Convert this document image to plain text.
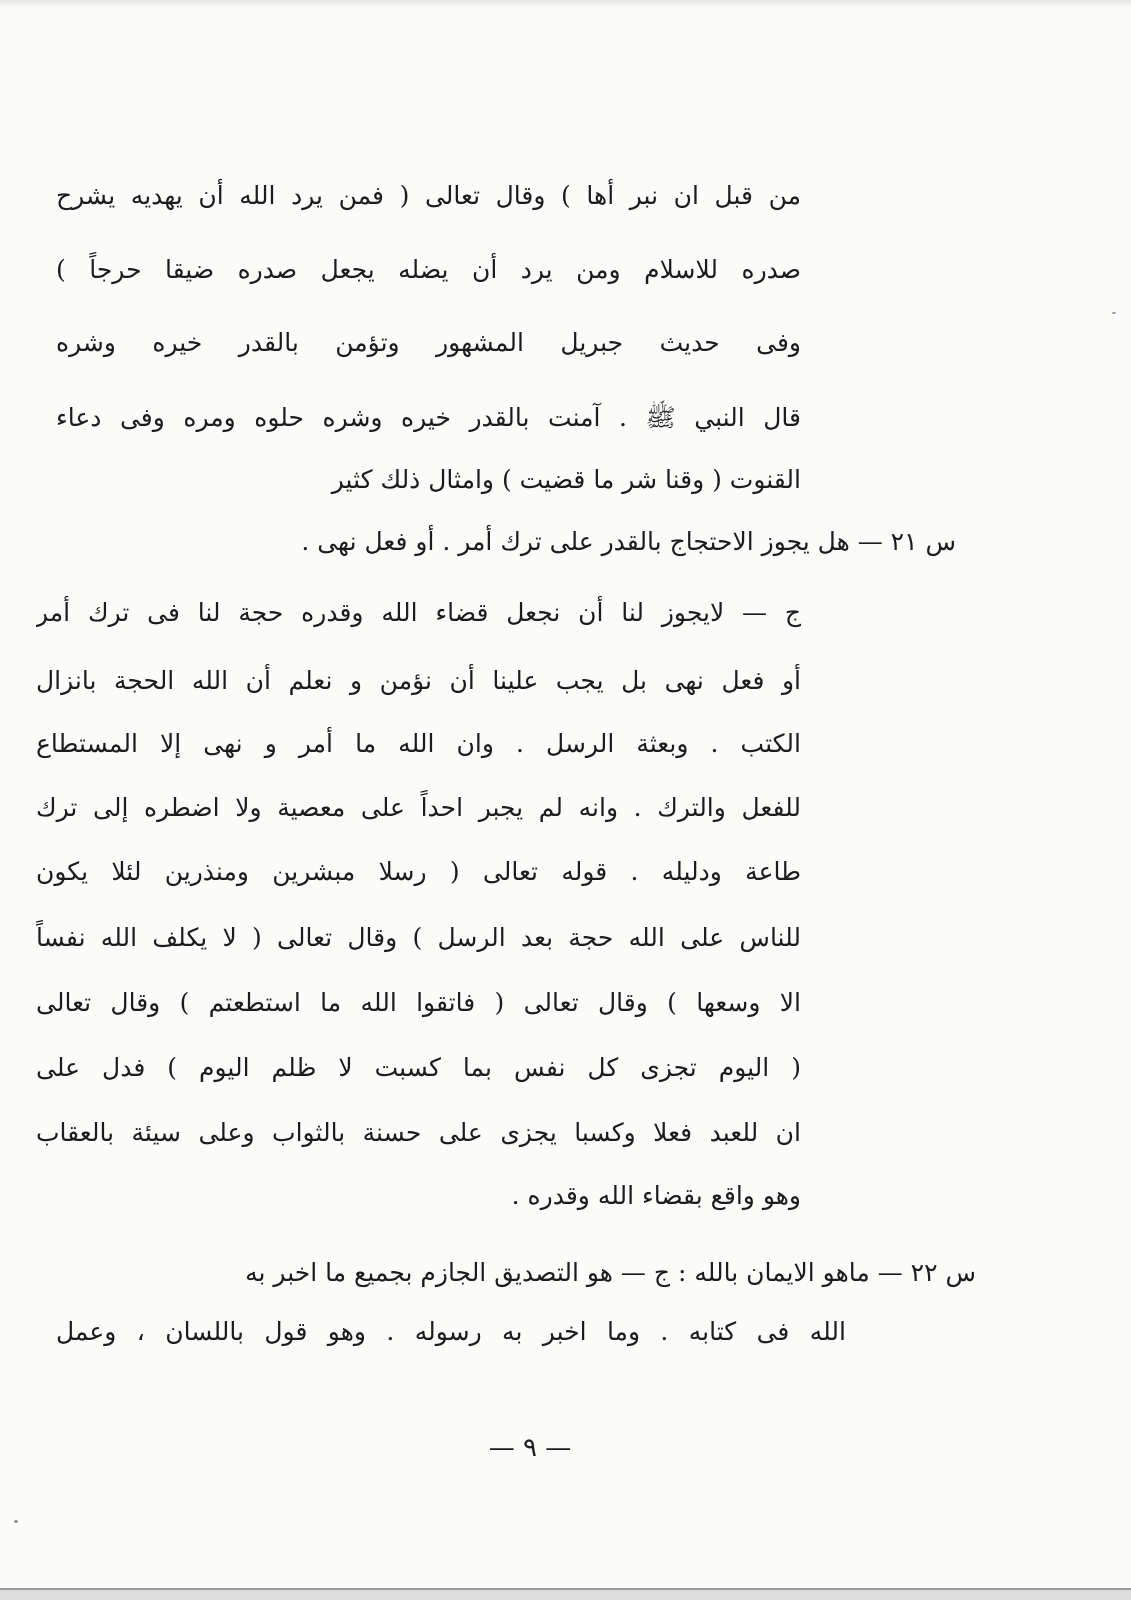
من قبل ان نبر أها ) وقال تعالى ( فمن يرد الله أن يهديه يشرح
صدره للاسلام ومن يرد أن يضله يجعل صدره ضيقا حرجاً )
وفى حديث جبريل المشهور وتؤمن بالقدر خيره وشره
قال النبي ﷺ . آمنت بالقدر خيره وشره حلوه ومره وفى دعاء
القنوت ( وقنا شر ما قضيت ) وامثال ذلك كثير
س ٢١ — هل يجوز الاحتجاج بالقدر على ترك أمر . أو فعل نهى .
ج — لايجوز لنا أن نجعل قضاء الله وقدره حجة لنا فى ترك أمر
أو فعل نهى بل يجب علينا أن نؤمن و نعلم أن الله الحجة بانزال
الكتب . وبعثة الرسل . وان الله ما أمر و نهى إلا المستطاع
للفعل والترك . وانه لم يجبر احداً على معصية ولا اضطره إلى ترك
طاعة ودليله . قوله تعالى ( رسلا مبشرين ومنذرين لئلا يكون
للناس على الله حجة بعد الرسل ) وقال تعالى ( لا يكلف الله نفساً
الا وسعها ) وقال تعالى ( فاتقوا الله ما استطعتم ) وقال تعالى
( اليوم تجزى كل نفس بما كسبت لا ظلم اليوم ) فدل على
ان للعبد فعلا وكسبا يجزى على حسنة بالثواب وعلى سيئة بالعقاب
وهو واقع بقضاء الله وقدره .
س ٢٢ — ماهو الايمان بالله : ج — هو التصديق الجازم بجميع ما اخبر به
الله فى كتابه . وما اخبر به رسوله . وهو قول باللسان ، وعمل
— ٩ —
